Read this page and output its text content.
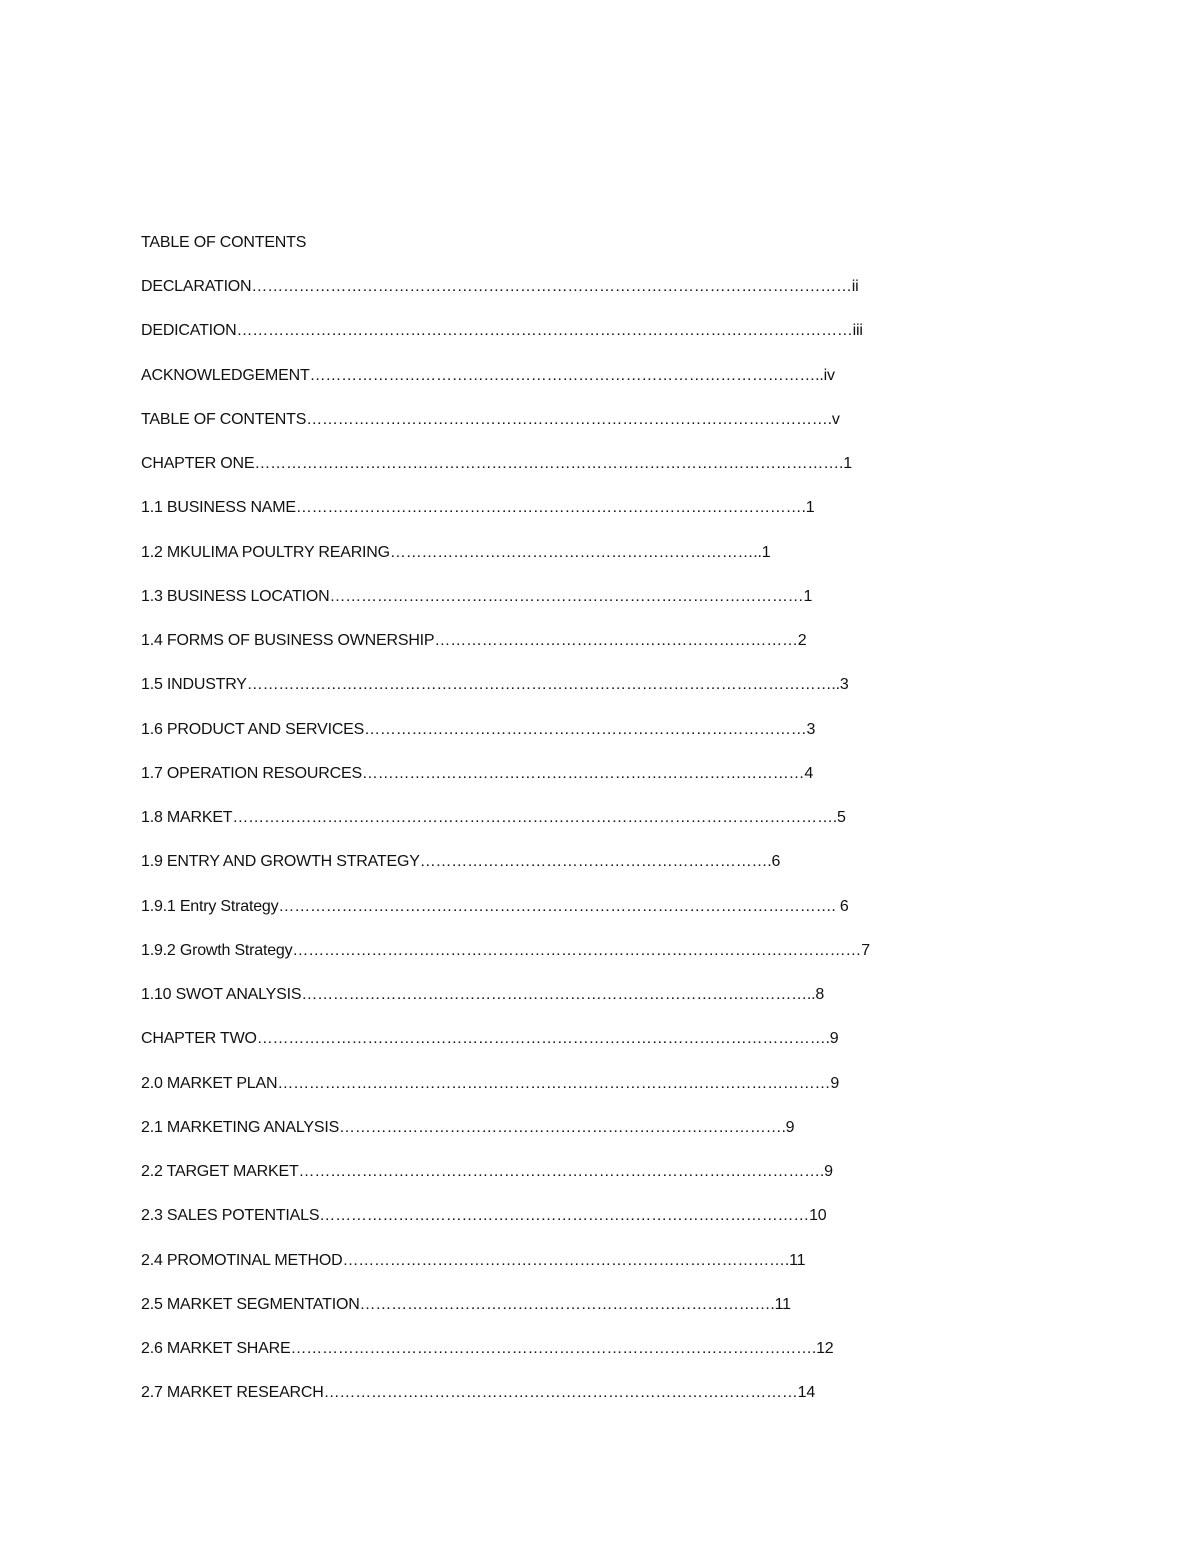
TABLE OF CONTENTS
DECLARATION……………………………………………………………………………………………………ii
DEDICATION………………………………………………………………………………………………………iii
ACKNOWLEDGEMENT……………………………………………………………………………………..iv
TABLE OF CONTENTS……………………………………………………………………………………….v
CHAPTER ONE………………………………………………………………………………………………….1
1.1 BUSINESS NAME…………………………………………………………………………………….1
1.2 MKULIMA POULTRY REARING……………………………………………………………..1
1.3 BUSINESS LOCATION………………………………………………………………………………1
1.4 FORMS OF BUSINESS OWNERSHIP……………………………………………………………2
1.5 INDUSTRY…………………………………………………………………………………………………..3
1.6 PRODUCT AND SERVICES…………………………………………………………………………3
1.7 OPERATION RESOURCES…………………………………………………………………………4
1.8 MARKET…………………………………………………………………………………………………….5
1.9 ENTRY AND GROWTH STRATEGY………………………………………………………….6
1.9.1 Entry Strategy……………………………………………………………………………………………. 6
1.9.2 Growth Strategy………………………………………………………………………………………………7
1.10 SWOT ANALYSIS……………………………………………………………………………………..8
CHAPTER TWO……………………………………………………………………………………………….9
2.0 MARKET PLAN……………………………………………………………………………………………9
2.1 MARKETING ANALYSIS………………………………………………………………………….9
2.2 TARGET MARKET……………………………………………………………………………………….9
2.3 SALES POTENTIALS…………………………………………………………………………………10
2.4 PROMOTINAL METHOD………………………………………………………………………….11
2.5 MARKET SEGMENTATION…………………………………………………………………….11
2.6 MARKET SHARE……………………………………………………………………………………….12
2.7 MARKET RESEARCH………………………………………………………………………………14
